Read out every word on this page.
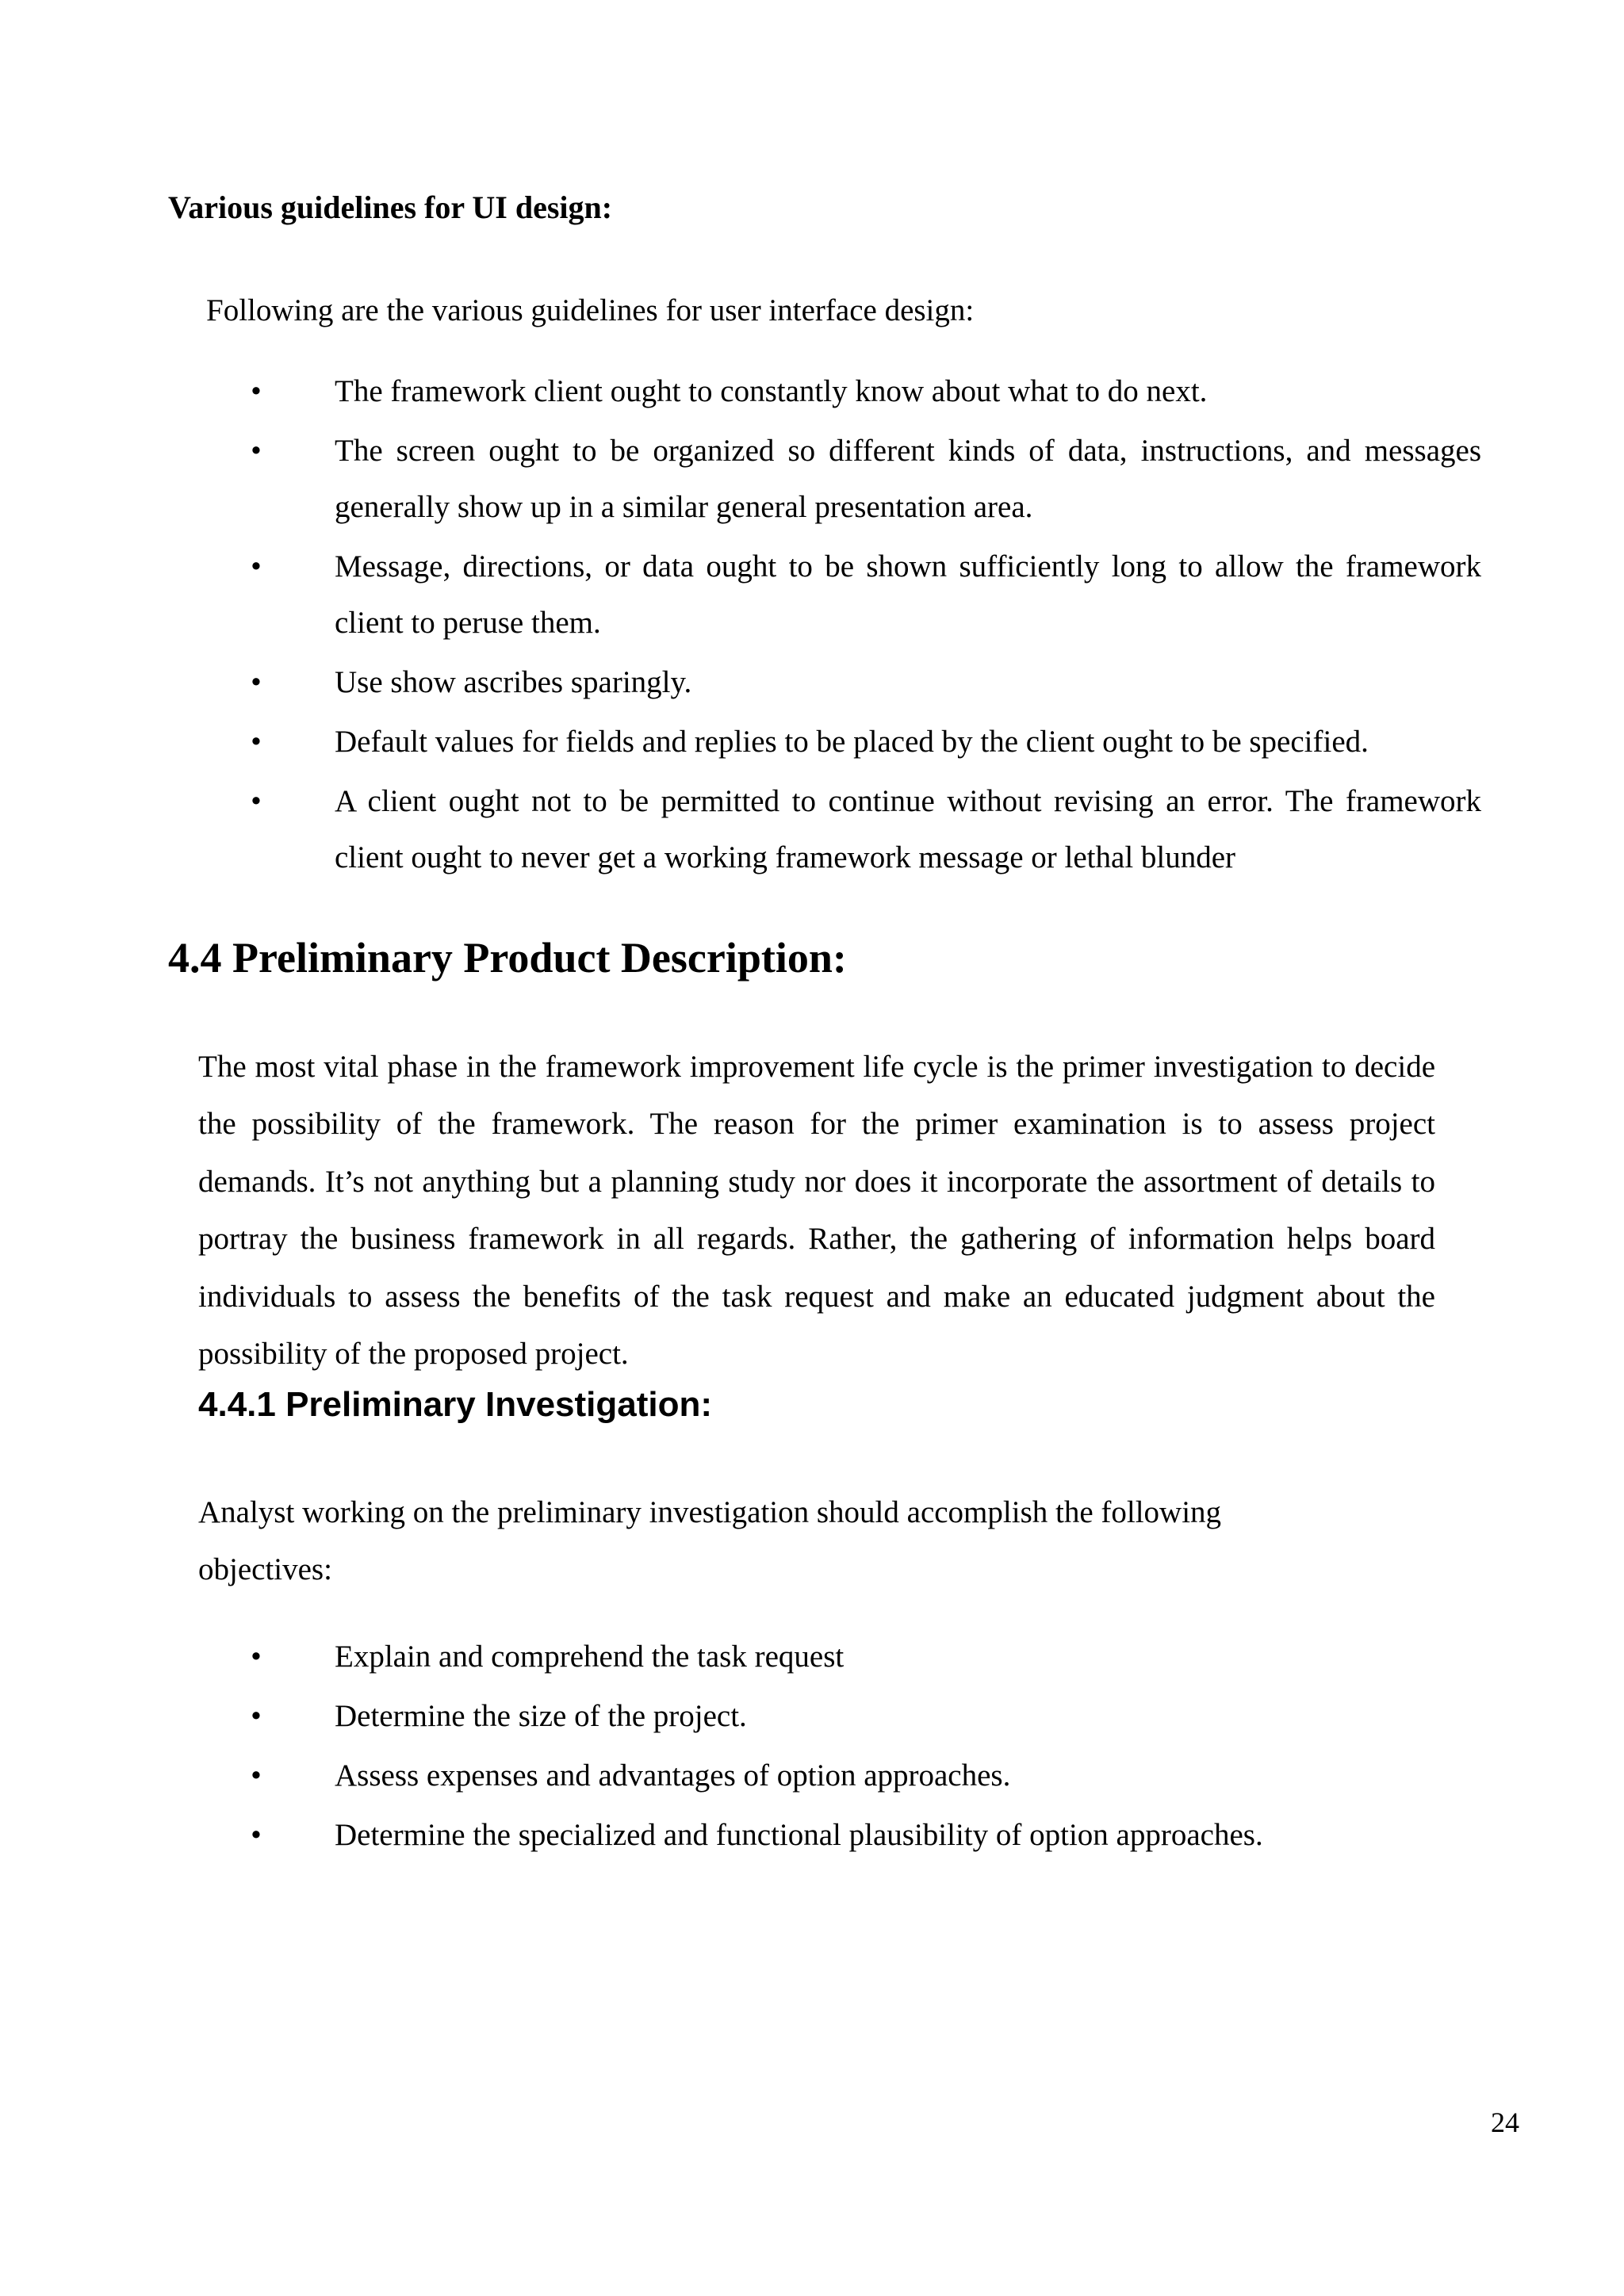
Various guidelines for UI design:

Following are the various guidelines for user interface design:

• The framework client ought to constantly know about what to do next.
• The screen ought to be organized so different kinds of data, instructions, and messages generally show up in a similar general presentation area.
• Message, directions, or data ought to be shown sufficiently long to allow the framework client to peruse them.
• Use show ascribes sparingly.
• Default values for fields and replies to be placed by the client ought to be specified.
• A client ought not to be permitted to continue without revising an error. The framework client ought to never get a working framework message or lethal blunder
4.4 Preliminary Product Description:

The most vital phase in the framework improvement life cycle is the primer investigation to decide the possibility of the framework. The reason for the primer examination is to assess project demands. It’s not anything but a planning study nor does it incorporate the assortment of details to portray the business framework in all regards. Rather, the gathering of information helps board individuals to assess the benefits of the task request and make an educated judgment about the possibility of the proposed project.

4.4.1 Preliminary Investigation:

Analyst working on the preliminary investigation should accomplish the following objectives:

• Explain and comprehend the task request
• Determine the size of the project.
• Assess expenses and advantages of option approaches.
• Determine the specialized and functional plausibility of option approaches.
24
